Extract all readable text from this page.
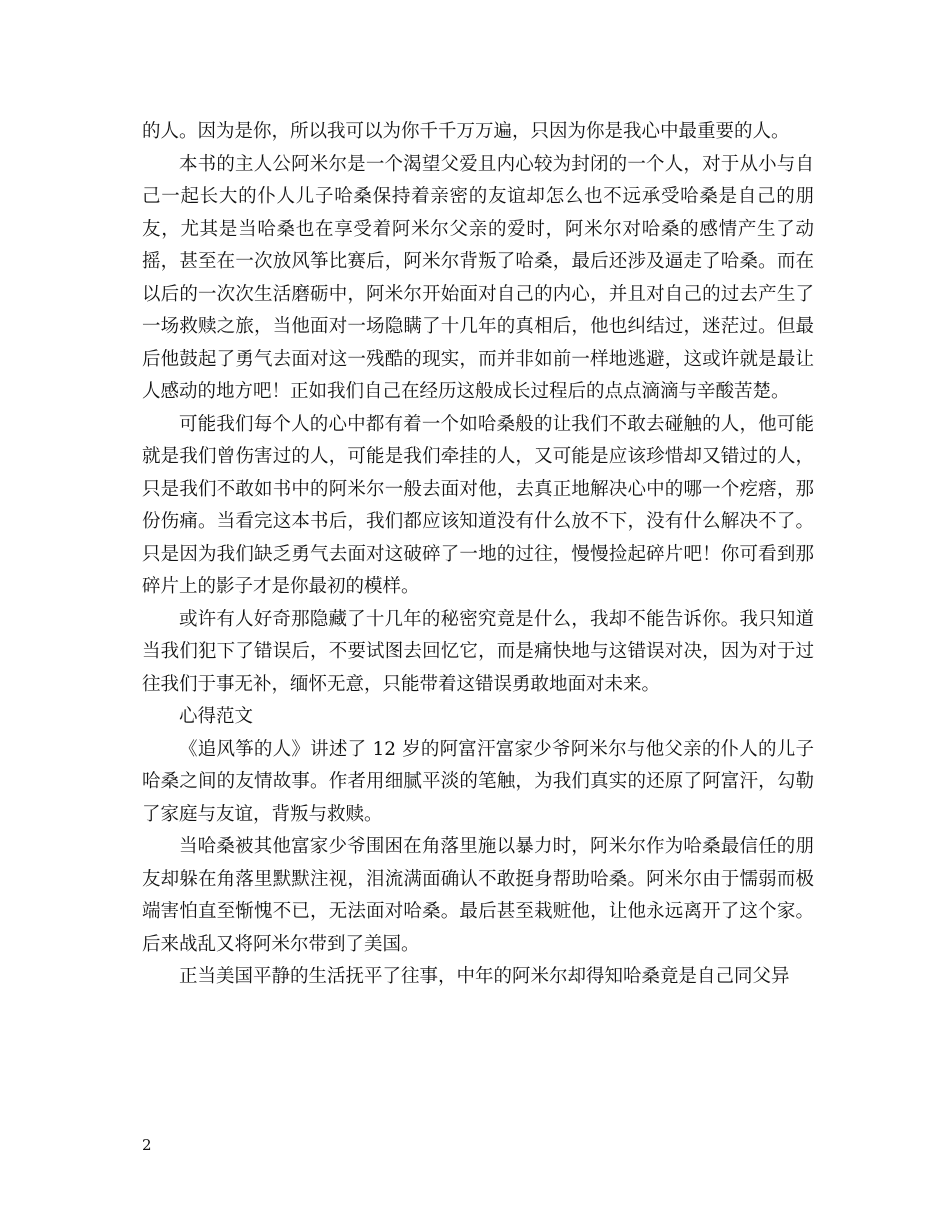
的人。因为是你，所以我可以为你千千万万遍，只因为你是我心中最重要的人。

本书的主人公阿米尔是一个渴望父爱且内心较为封闭的一个人，对于从小与自己一起长大的仆人儿子哈桑保持着亲密的友谊却怎么也不远承受哈桑是自己的朋友，尤其是当哈桑也在享受着阿米尔父亲的爱时，阿米尔对哈桑的感情产生了动摇，甚至在一次放风筝比赛后，阿米尔背叛了哈桑，最后还涉及逼走了哈桑。而在以后的一次次生活磨砺中，阿米尔开始面对自己的内心，并且对自己的过去产生了一场救赎之旅，当他面对一场隐瞒了十几年的真相后，他也纠结过，迷茫过。但最后他鼓起了勇气去面对这一残酷的现实，而并非如前一样地逃避，这或许就是最让人感动的地方吧！正如我们自己在经历这般成长过程后的点点滴滴与辛酸苦楚。

可能我们每个人的心中都有着一个如哈桑般的让我们不敢去碰触的人，他可能就是我们曾伤害过的人，可能是我们牵挂的人，又可能是应该珍惜却又错过的人，只是我们不敢如书中的阿米尔一般去面对他，去真正地解决心中的哪一个疙瘩，那份伤痛。当看完这本书后，我们都应该知道没有什么放不下，没有什么解决不了。只是因为我们缺乏勇气去面对这破碎了一地的过往，慢慢捡起碎片吧！你可看到那碎片上的影子才是你最初的模样。

或许有人好奇那隐藏了十几年的秘密究竟是什么，我却不能告诉你。我只知道当我们犯下了错误后，不要试图去回忆它，而是痛快地与这错误对决，因为对于过往我们于事无补，缅怀无意，只能带着这错误勇敢地面对未来。

心得范文

《追风筝的人》讲述了 12 岁的阿富汗富家少爷阿米尔与他父亲的仆人的儿子哈桑之间的友情故事。作者用细腻平淡的笔触，为我们真实的还原了阿富汗，勾勒了家庭与友谊，背叛与救赎。

当哈桑被其他富家少爷围困在角落里施以暴力时，阿米尔作为哈桑最信任的朋友却躲在角落里默默注视，泪流满面确认不敢挺身帮助哈桑。阿米尔由于懦弱而极端害怕直至惭愧不已，无法面对哈桑。最后甚至栽赃他，让他永远离开了这个家。后来战乱又将阿米尔带到了美国。

正当美国平静的生活抚平了往事，中年的阿米尔却得知哈桑竟是自己同父异

2
